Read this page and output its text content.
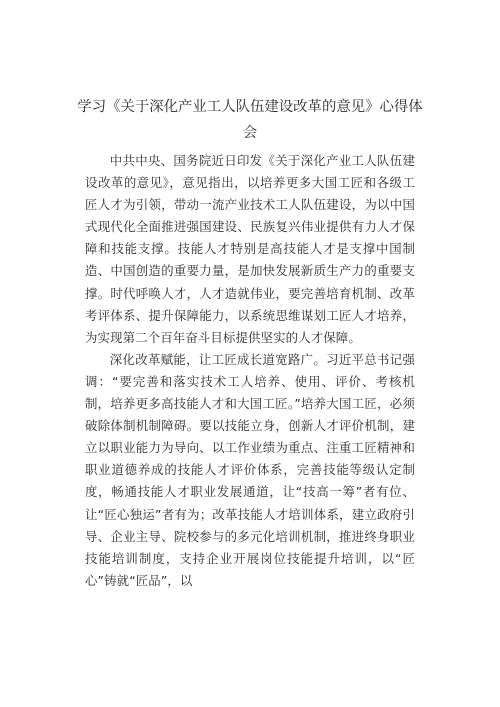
学习《关于深化产业工人队伍建设改革的意见》心得体会

中共中央、国务院近日印发《关于深化产业工人队伍建设改革的意见》，意见指出，以培养更多大国工匠和各级工匠人才为引领，带动一流产业技术工人队伍建设，为以中国式现代化全面推进强国建设、民族复兴伟业提供有力人才保障和技能支撑。技能人才特别是高技能人才是支撑中国制造、中国创造的重要力量，是加快发展新质生产力的重要支撑。时代呼唤人才，人才造就伟业，要完善培育机制、改革考评体系、提升保障能力，以系统思维谋划工匠人才培养，为实现第二个百年奋斗目标提供坚实的人才保障。

深化改革赋能，让工匠成长道宽路广。习近平总书记强调：“要完善和落实技术工人培养、使用、评价、考核机制，培养更多高技能人才和大国工匠。”培养大国工匠，必须破除体制机制障碍。要以技能立身，创新人才评价机制，建立以职业能力为导向、以工作业绩为重点、注重工匠精神和职业道德养成的技能人才评价体系，完善技能等级认定制度，畅通技能人才职业发展通道，让“技高一筹”者有位、让“匠心独运”者有为；改革技能人才培训体系，建立政府引导、企业主导、院校参与的多元化培训机制，推进终身职业技能培训制度，支持企业开展岗位技能提升培训，以“匠心”铸就“匠品”，以
